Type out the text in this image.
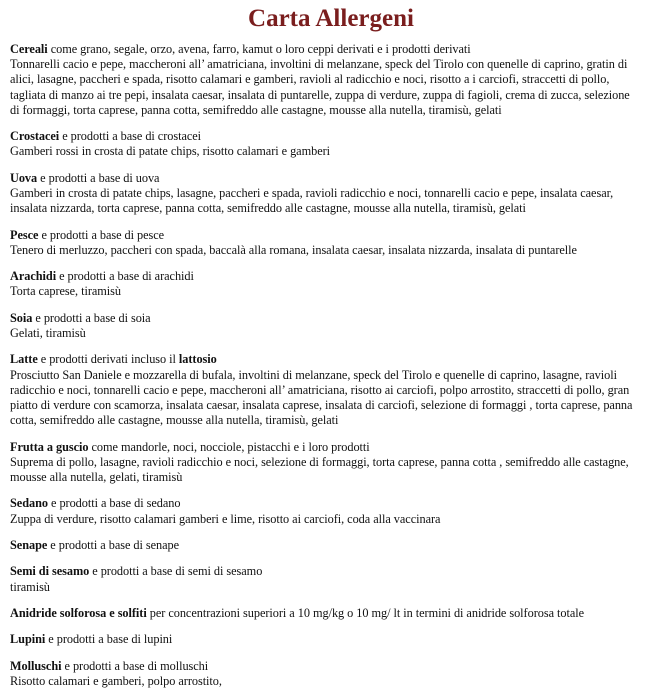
Carta Allergeni
Cereali come grano, segale, orzo, avena, farro, kamut o loro ceppi derivati e i prodotti derivati
Tonnarelli cacio e pepe, maccheroni all’ amatriciana, involtini di melanzane, speck del Tirolo con quenelle di caprino, gratin di alici, lasagne, paccheri e spada, risotto calamari e gamberi, ravioli al radicchio e noci, risotto a i carciofi, straccetti di pollo, tagliata di manzo ai tre pepi, insalata caesar, insalata di puntarelle, zuppa di verdure, zuppa di fagioli, crema di zucca, selezione di formaggi, torta caprese, panna cotta, semifreddo alle castagne, mousse alla nutella, tiramisù, gelati
Crostacei e prodotti a base di crostacei
Gamberi rossi in crosta di patate chips, risotto calamari e gamberi
Uova e prodotti a base di uova
Gamberi in crosta di patate chips, lasagne, paccheri e spada, ravioli radicchio e noci, tonnarelli cacio e pepe, insalata caesar, insalata nizzarda, torta caprese, panna cotta, semifreddo alle castagne, mousse alla nutella, tiramisù, gelati
Pesce e prodotti a base di pesce
Tenero di merluzzo, paccheri con spada, baccalà alla romana, insalata caesar, insalata nizzarda, insalata di puntarelle
Arachidi e prodotti a base di arachidi
Torta caprese, tiramisù
Soia e prodotti a base di soia
Gelati, tiramisù
Latte e prodotti derivati incluso il lattosio
Prosciutto San Daniele e mozzarella di bufala, involtini di melanzane, speck del Tirolo e quenelle di caprino, lasagne, ravioli radicchio e noci, tonnarelli cacio e pepe, maccheroni all’ amatriciana, risotto ai carciofi, polpo arrostito, straccetti di pollo, gran piatto di verdure con scamorza, insalata caesar, insalata caprese, insalata di carciofi, selezione di formaggi , torta caprese, panna cotta, semifreddo alle castagne, mousse alla nutella, tiramisù, gelati
Frutta a guscio come mandorle, noci, nocciole, pistacchi e i loro prodotti
Suprema di pollo, lasagne, ravioli radicchio e noci, selezione di formaggi, torta caprese, panna cotta , semifreddo alle castagne, mousse alla nutella, gelati, tiramisù
Sedano e prodotti a base di sedano
Zuppa di verdure, risotto calamari gamberi e lime, risotto ai carciofi, coda alla vaccinara
Senape e prodotti a base di senape
Semi di sesamo e prodotti a base di semi di sesamo
tiramisù
Anidride solforosa e solfiti per concentrazioni superiori a 10 mg/kg o 10 mg/ lt in termini di anidride solforosa totale
Lupini e prodotti a base di lupini
Molluschi e prodotti a base di molluschi
Risotto calamari e gamberi, polpo arrostito,
